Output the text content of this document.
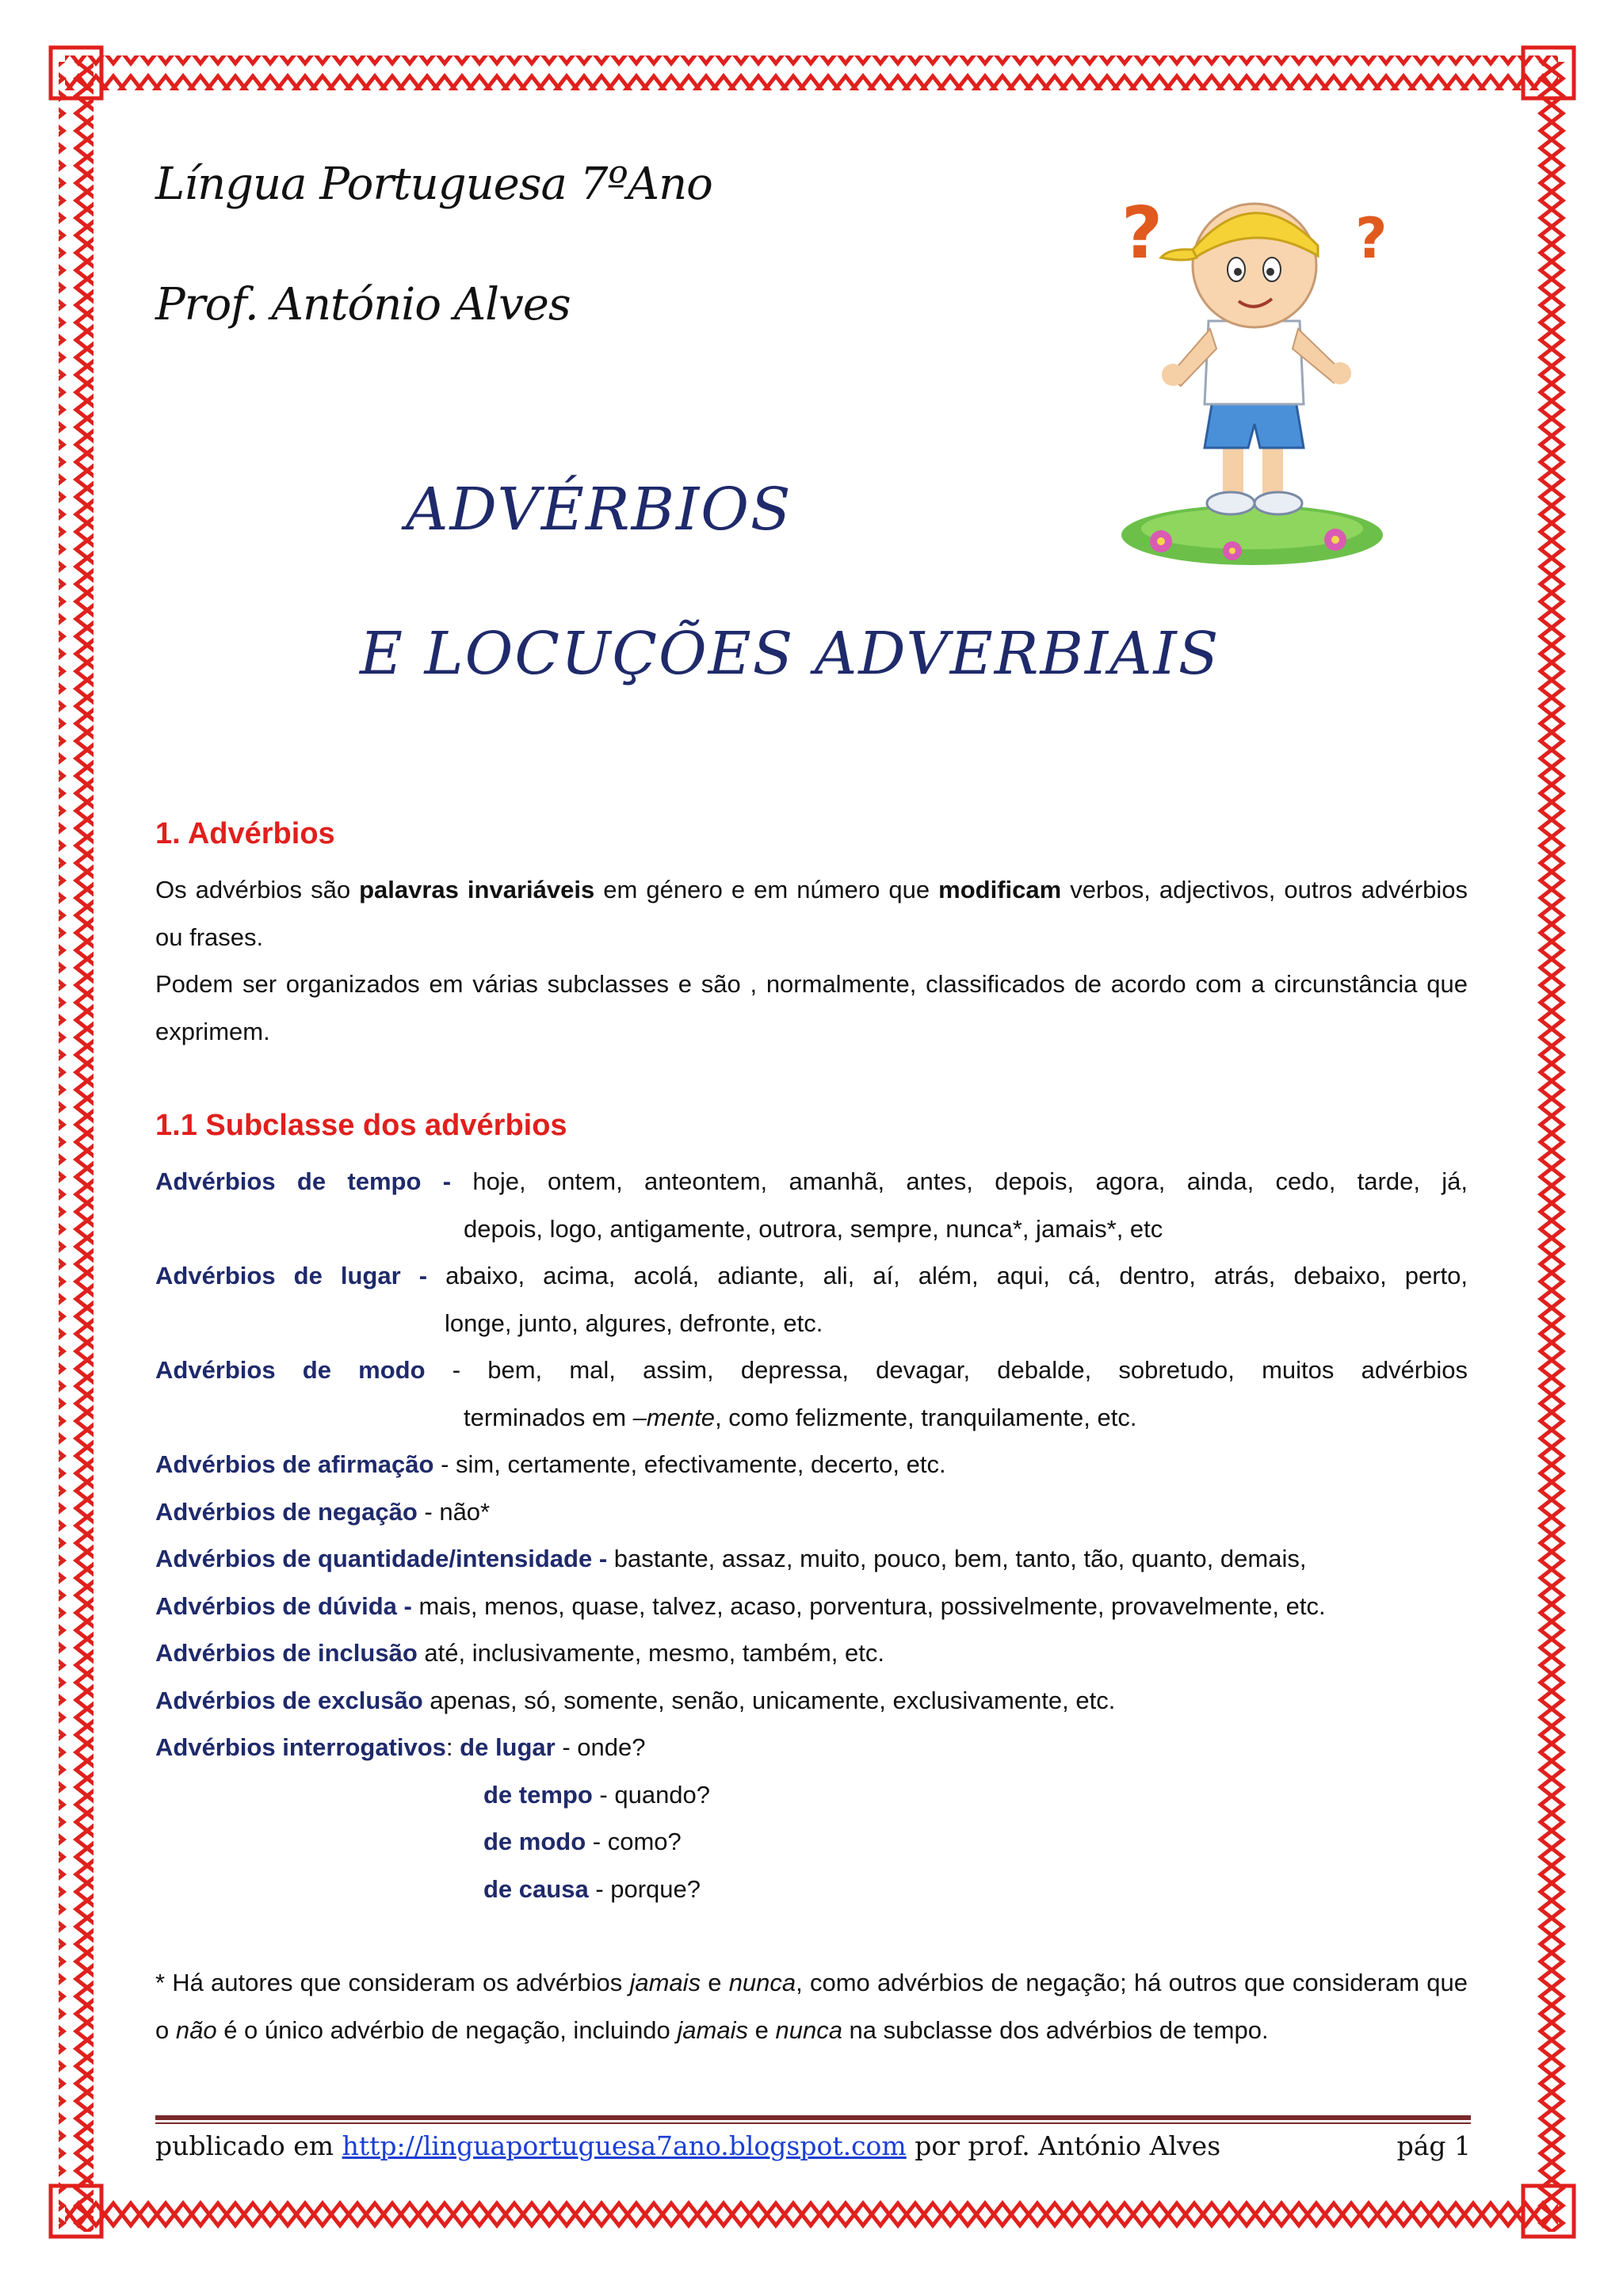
Língua Portuguesa 7ºAno
Prof. António Alves
ADVÉRBIOS
E LOCUÇÕES ADVERBIAIS
?	?
1. Advérbios
Os advérbios são palavras invariáveis em género e em número que modificam verbos, adjectivos, outros advérbios ou frases.
Podem ser organizados em várias subclasses e são , normalmente, classificados de acordo com a circunstância que exprimem.
1.1 Subclasse dos advérbios
Advérbios de tempo - hoje, ontem, anteontem, amanhã, antes, depois, agora, ainda, cedo, tarde, já,
depois, logo, antigamente, outrora, sempre, nunca*, jamais*, etc
Advérbios de lugar - abaixo, acima, acolá, adiante, ali, aí, além, aqui, cá, dentro, atrás, debaixo, perto,
longe, junto, algures, defronte, etc.
Advérbios de modo - bem, mal, assim, depressa, devagar, debalde, sobretudo, muitos advérbios
terminados em –mente, como felizmente, tranquilamente, etc.
Advérbios de afirmação - sim, certamente, efectivamente, decerto, etc.
Advérbios de negação - não*
Advérbios de quantidade/intensidade - bastante, assaz, muito, pouco, bem, tanto, tão, quanto, demais,
Advérbios de dúvida - mais, menos, quase, talvez, acaso, porventura, possivelmente, provavelmente, etc.
Advérbios de inclusão até, inclusivamente, mesmo, também, etc.
Advérbios de exclusão apenas, só, somente, senão, unicamente, exclusivamente, etc.
Advérbios interrogativos: de lugar - onde?
de tempo - quando?
de modo - como?
de causa - porque?
* Há autores que consideram os advérbios jamais e nunca, como advérbios de negação; há outros que consideram que o não é o único advérbio de negação, incluindo jamais e nunca na subclasse dos advérbios de tempo.
publicado em http://linguaportuguesa7ano.blogspot.com por prof. António Alves	pág 1
